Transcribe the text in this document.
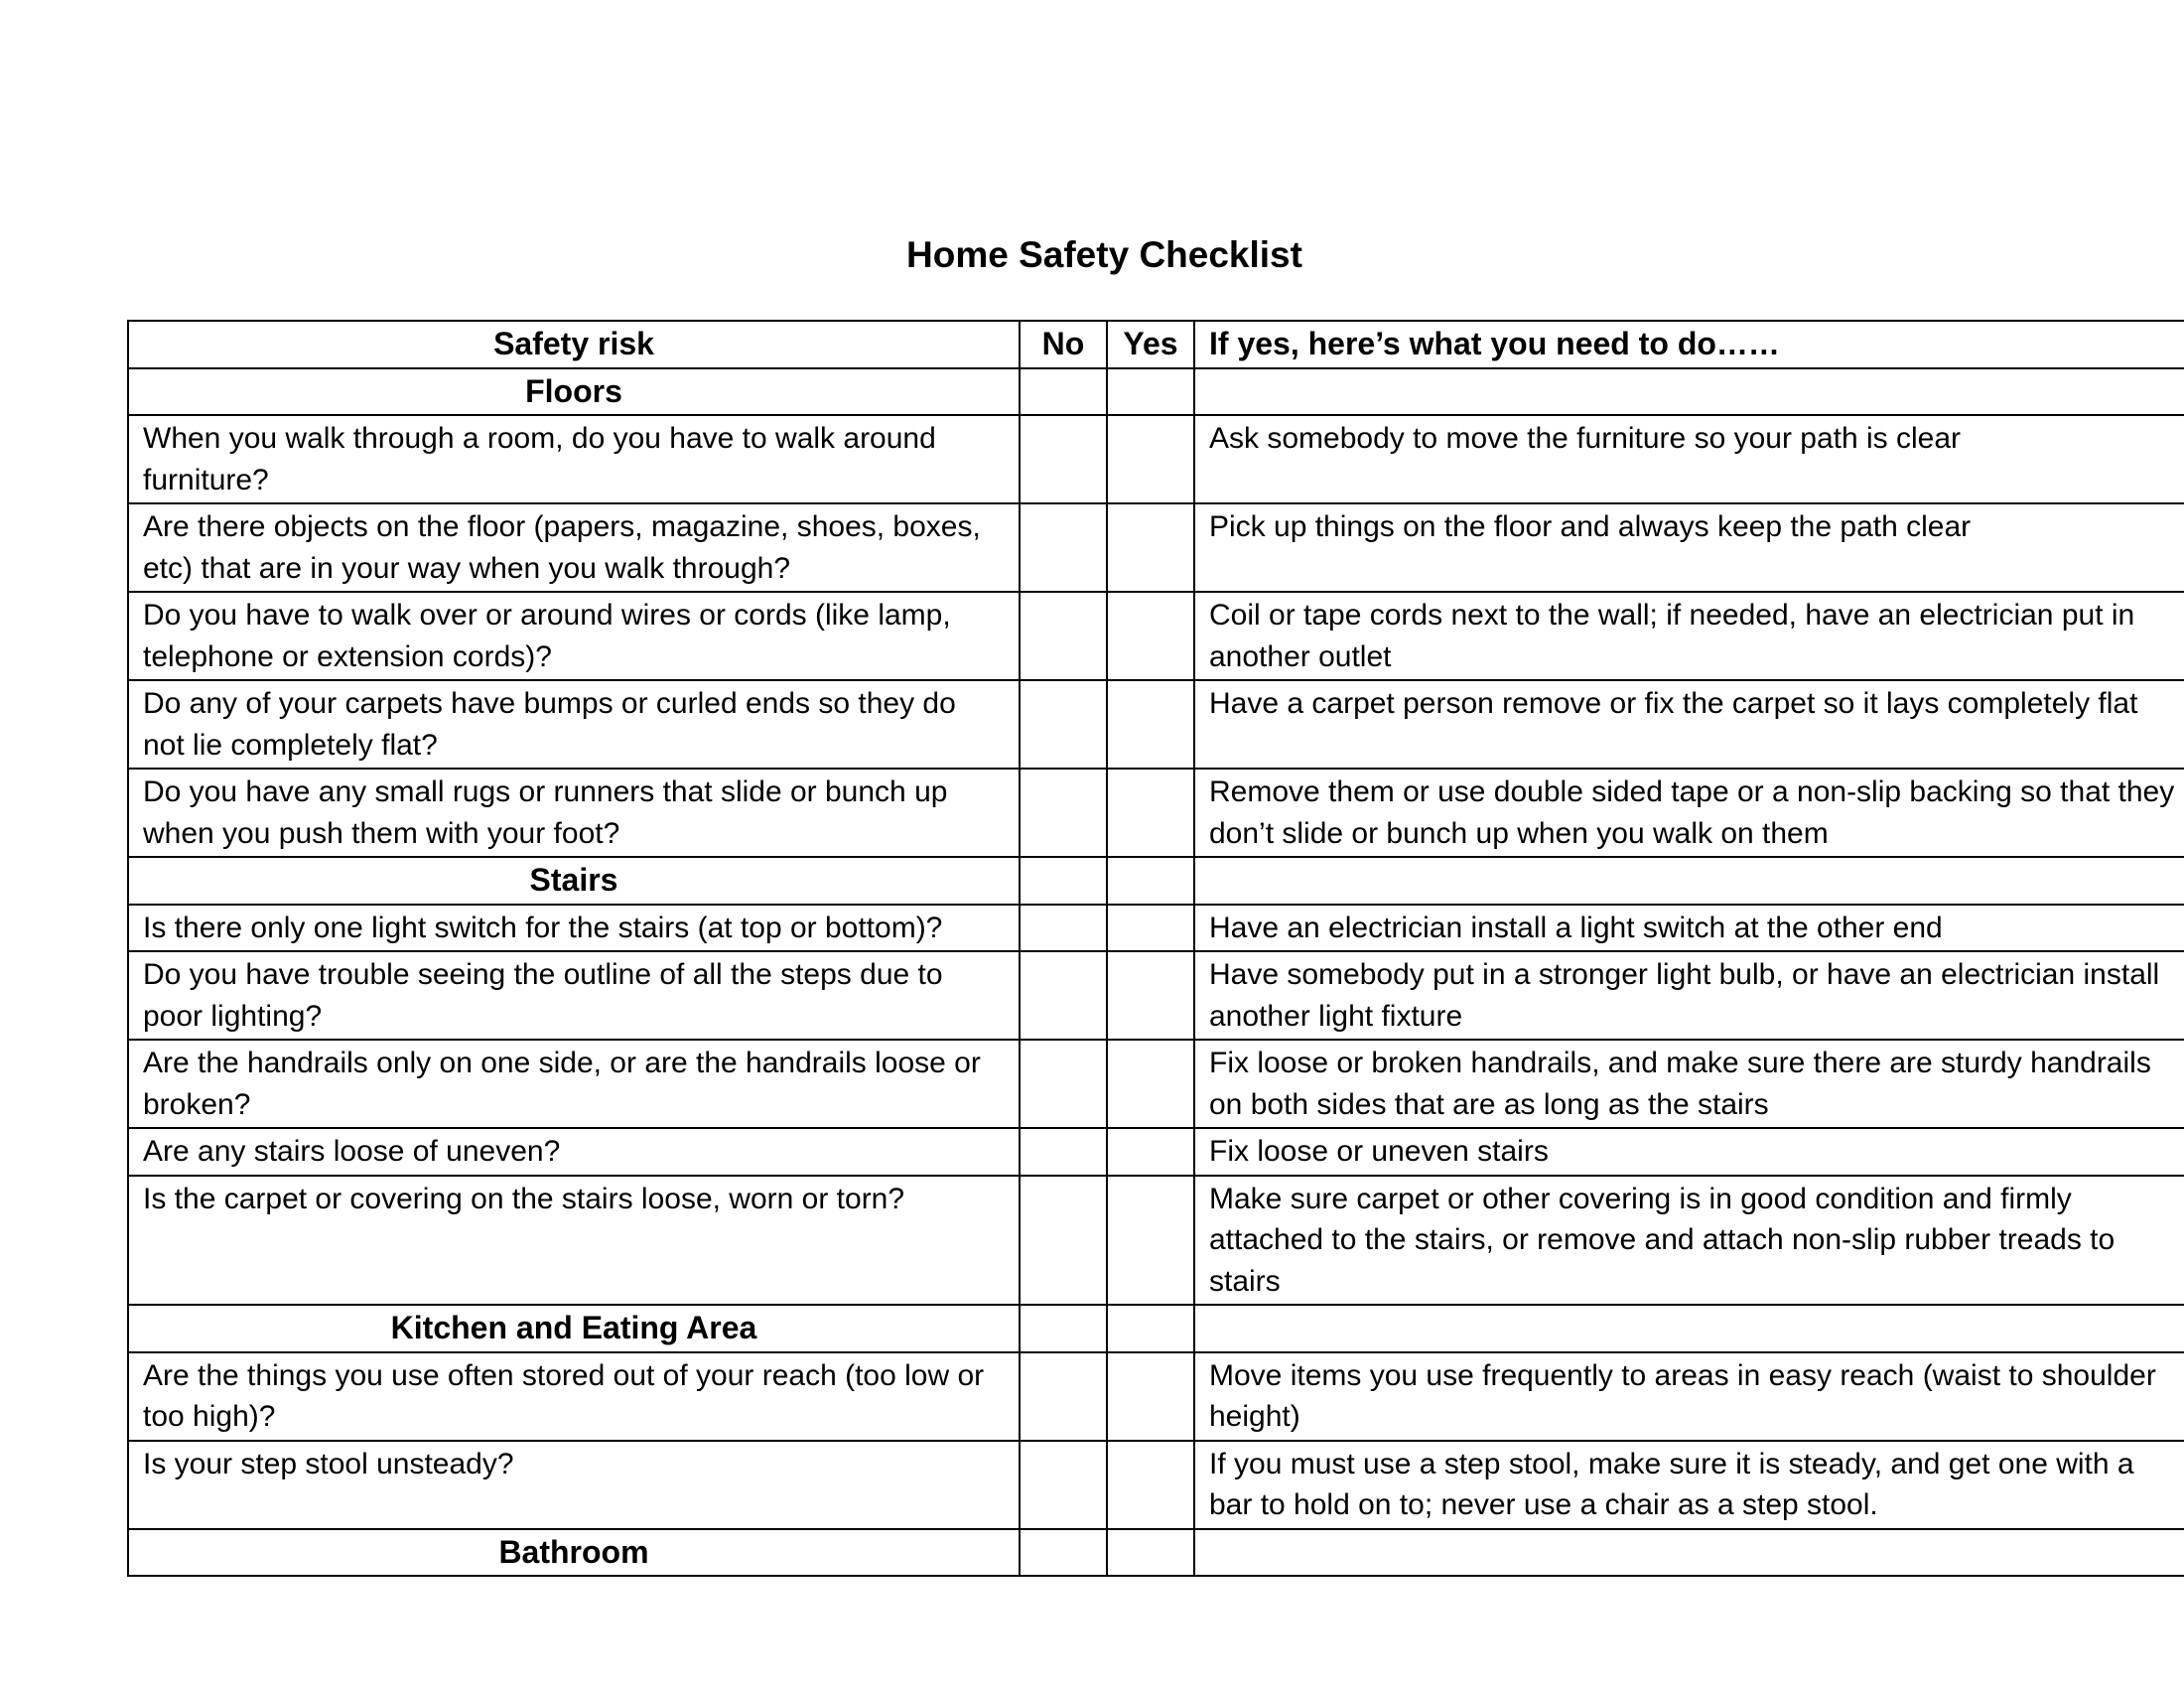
Home Safety Checklist
Safety risk	No	Yes	If yes, here’s what you need to do……
Floors			
When you walk through a room, do you have to walk around furniture?			Ask somebody to move the furniture so your path is clear
Are there objects on the floor (papers, magazine, shoes, boxes, etc) that are in your way when you walk through?			Pick up things on the floor and always keep the path clear
Do you have to walk over or around wires or cords (like lamp, telephone or extension cords)?			Coil or tape cords next to the wall; if needed, have an electrician put in another outlet
Do any of your carpets have bumps or curled ends so they do not lie completely flat?			Have a carpet person remove or fix the carpet so it lays completely flat
Do you have any small rugs or runners that slide or bunch up when you push them with your foot?			Remove them or use double sided tape or a non-slip backing so that they don’t slide or bunch up when you walk on them
Stairs			
Is there only one light switch for the stairs (at top or bottom)?			Have an electrician install a light switch at the other end
Do you have trouble seeing the outline of all the steps due to poor lighting?			Have somebody put in a stronger light bulb, or have an electrician install another light fixture
Are the handrails only on one side, or are the handrails loose or broken?			Fix loose or broken handrails, and make sure there are sturdy handrails on both sides that are as long as the stairs
Are any stairs loose of uneven?			Fix loose or uneven stairs
Is the carpet or covering on the stairs loose, worn or torn?			Make sure carpet or other covering is in good condition and firmly attached to the stairs, or remove and attach non-slip rubber treads to stairs
Kitchen and Eating Area			
Are the things you use often stored out of your reach (too low or too high)?			Move items you use frequently to areas in easy reach (waist to shoulder height)
Is your step stool unsteady?			If you must use a step stool, make sure it is steady, and get one with a bar to hold on to; never use a chair as a step stool.
Bathroom			
